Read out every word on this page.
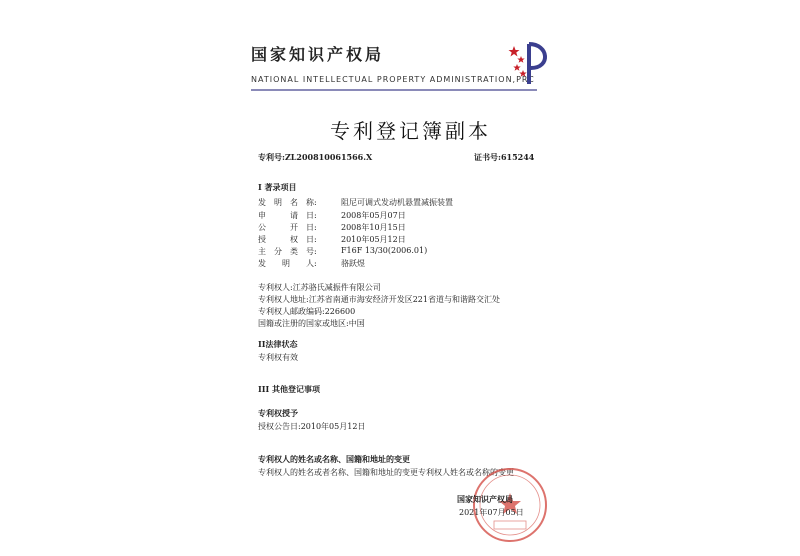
国家知识产权局
NATIONAL INTELLECTUAL PROPERTY ADMINISTRATION,PRC
专利登记簿副本
专利号:ZL200810061566.X	证书号:615244
I 著录项目
发　明　名　称:	阻尼可调式发动机悬置减振装置
申　　　请　日:	2008年05月07日
公　　　开　日:	2008年10月15日
授　　　权　日:	2010年05月12日
主　分　类　号:	F16F 13/30(2006.01)
发　　明　　人:	骆跃煜
专利权人:江苏骆氏减振件有限公司
专利权人地址:江苏省南通市海安经济开发区221省道与和谐路交汇处
专利权人邮政编码:226600
国籍或注册的国家或地区:中国
II法律状态
专利权有效
III 其他登记事项
专利权授予
授权公告日:2010年05月12日
专利权人的姓名或名称、国籍和地址的变更
专利权人的姓名或者名称、国籍和地址的变更专利权人姓名或名称的变更
国家知识产权局
2021年07月05日
